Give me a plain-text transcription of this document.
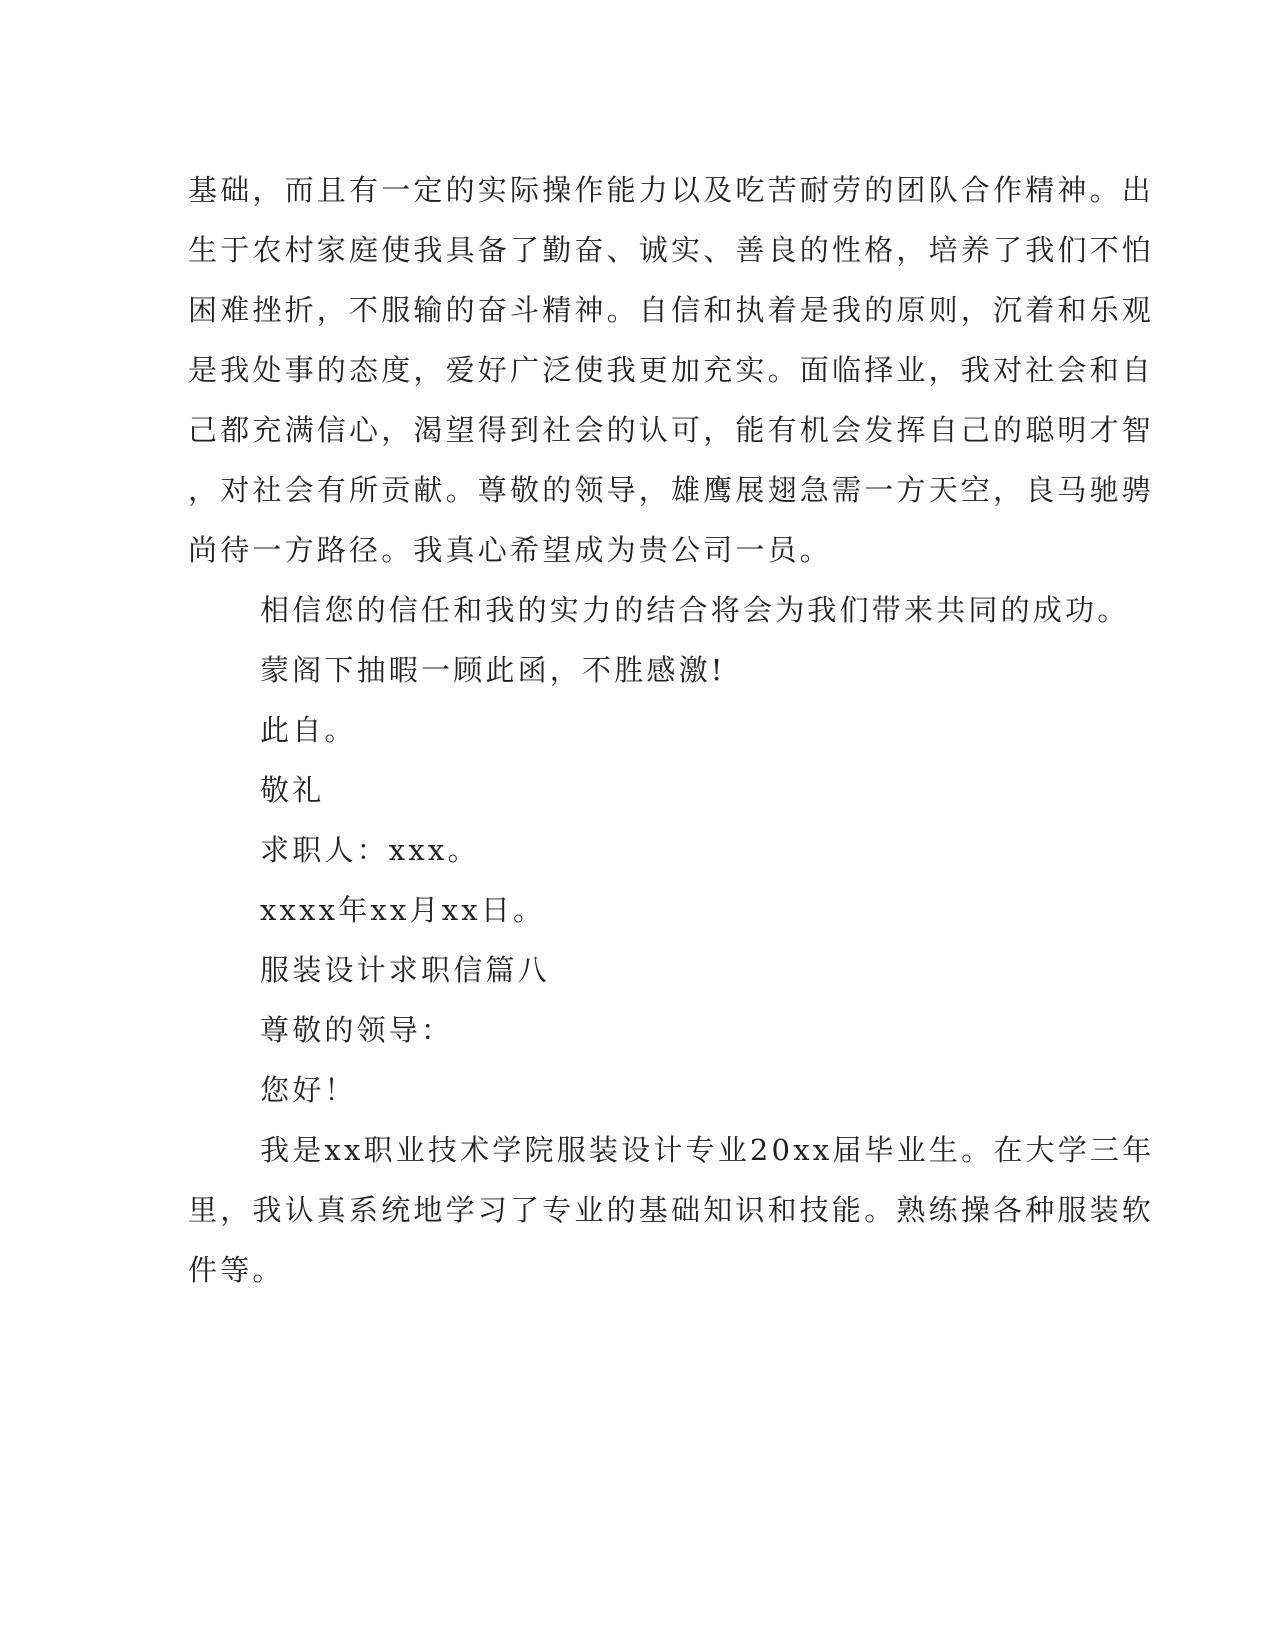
基础，而且有一定的实际操作能力以及吃苦耐劳的团队合作精神。出
生于农村家庭使我具备了勤奋、诚实、善良的性格，培养了我们不怕
困难挫折，不服输的奋斗精神。自信和执着是我的原则，沉着和乐观
是我处事的态度，爱好广泛使我更加充实。面临择业，我对社会和自
己都充满信心，渴望得到社会的认可，能有机会发挥自己的聪明才智
，对社会有所贡献。尊敬的领导，雄鹰展翅急需一方天空，良马驰骋
尚待一方路径。我真心希望成为贵公司一员。
相信您的信任和我的实力的结合将会为我们带来共同的成功。
蒙阁下抽暇一顾此函，不胜感激!
此自。
敬礼
求职人：xxx。
xxxx年xx月xx日。
服装设计求职信篇八
尊敬的领导：
您好！
我是xx职业技术学院服装设计专业20xx届毕业生。在大学三年
里，我认真系统地学习了专业的基础知识和技能。熟练操各种服装软
件等。
